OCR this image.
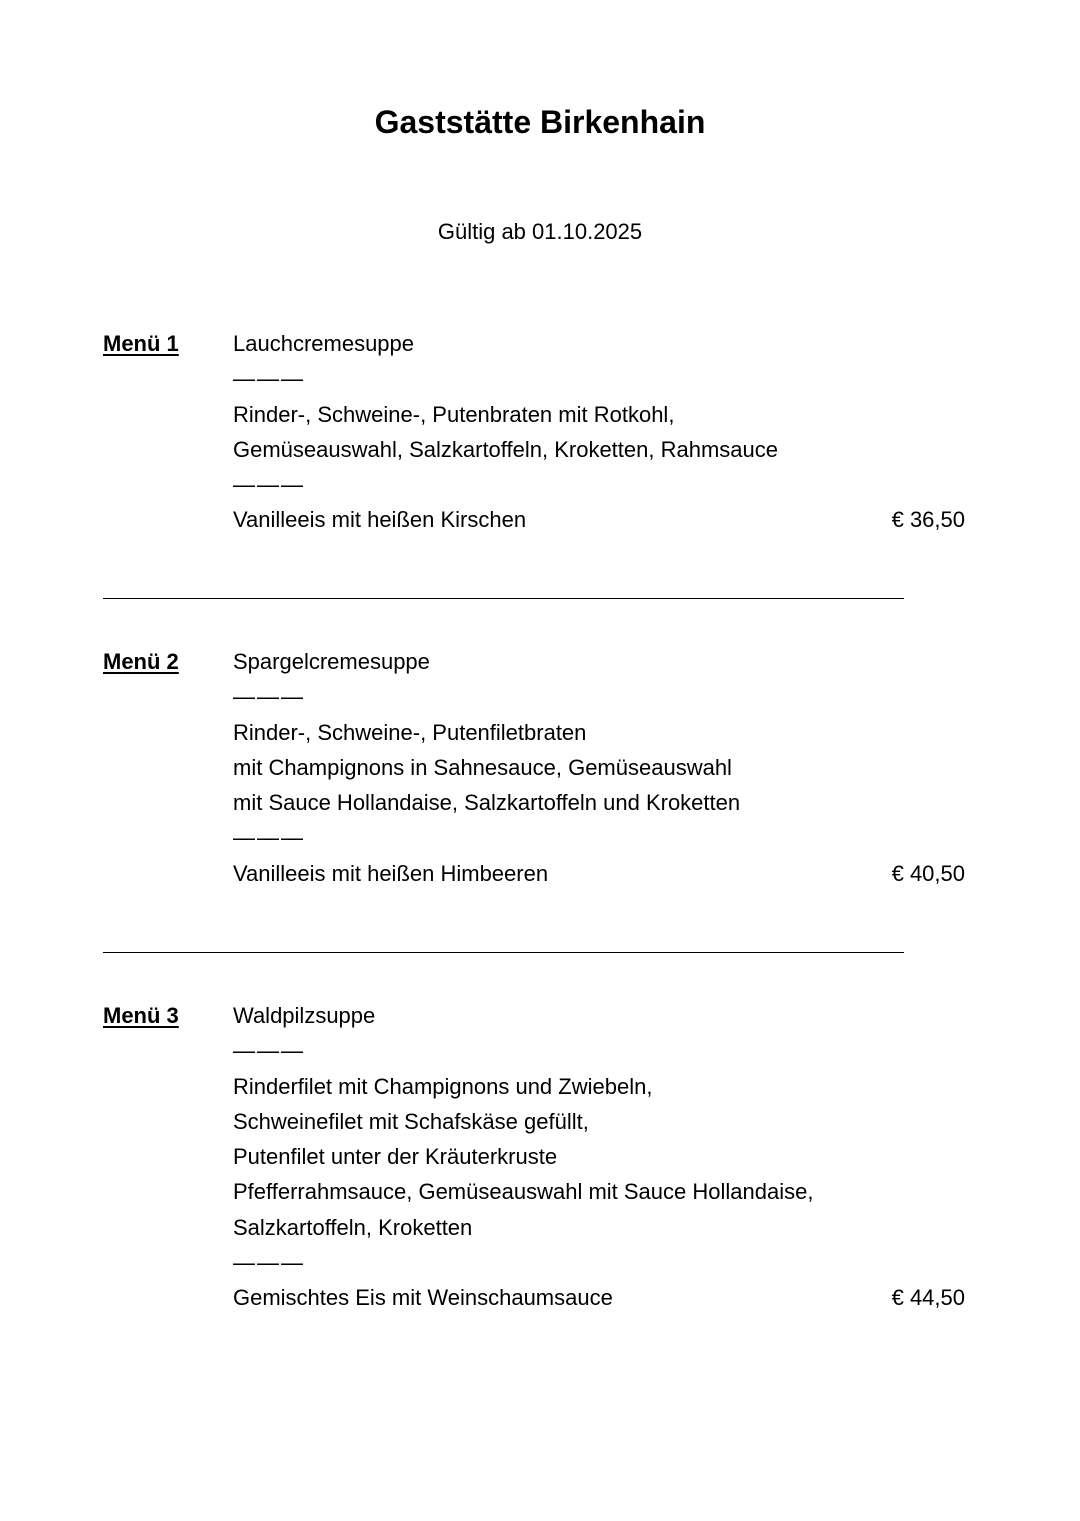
Gaststätte Birkenhain
Gültig ab 01.10.2025
Menü 1 Lauchcremesuppe

———

Rinder-, Schweine-, Putenbraten mit Rotkohl,

Gemüseauswahl, Salzkartoffeln, Kroketten, Rahmsauce

———

Vanilleeis mit heißen Kirschen	€ 36,50
Menü 2 Spargelcremesuppe

———

Rinder-, Schweine-, Putenfiletbraten

mit Champignons in Sahnesauce, Gemüseauswahl

mit Sauce Hollandaise, Salzkartoffeln und Kroketten

———

Vanilleeis mit heißen Himbeeren	€ 40,50
Menü 3 Waldpilzsuppe

———

Rinderfilet mit Champignons und Zwiebeln,

Schweinefilet mit Schafskäse gefüllt,

Putenfilet unter der Kräuterkruste

Pfefferrahmsauce, Gemüseauswahl mit Sauce Hollandaise,

Salzkartoffeln, Kroketten

———

Gemischtes Eis mit Weinschaumsauce	€ 44,50
